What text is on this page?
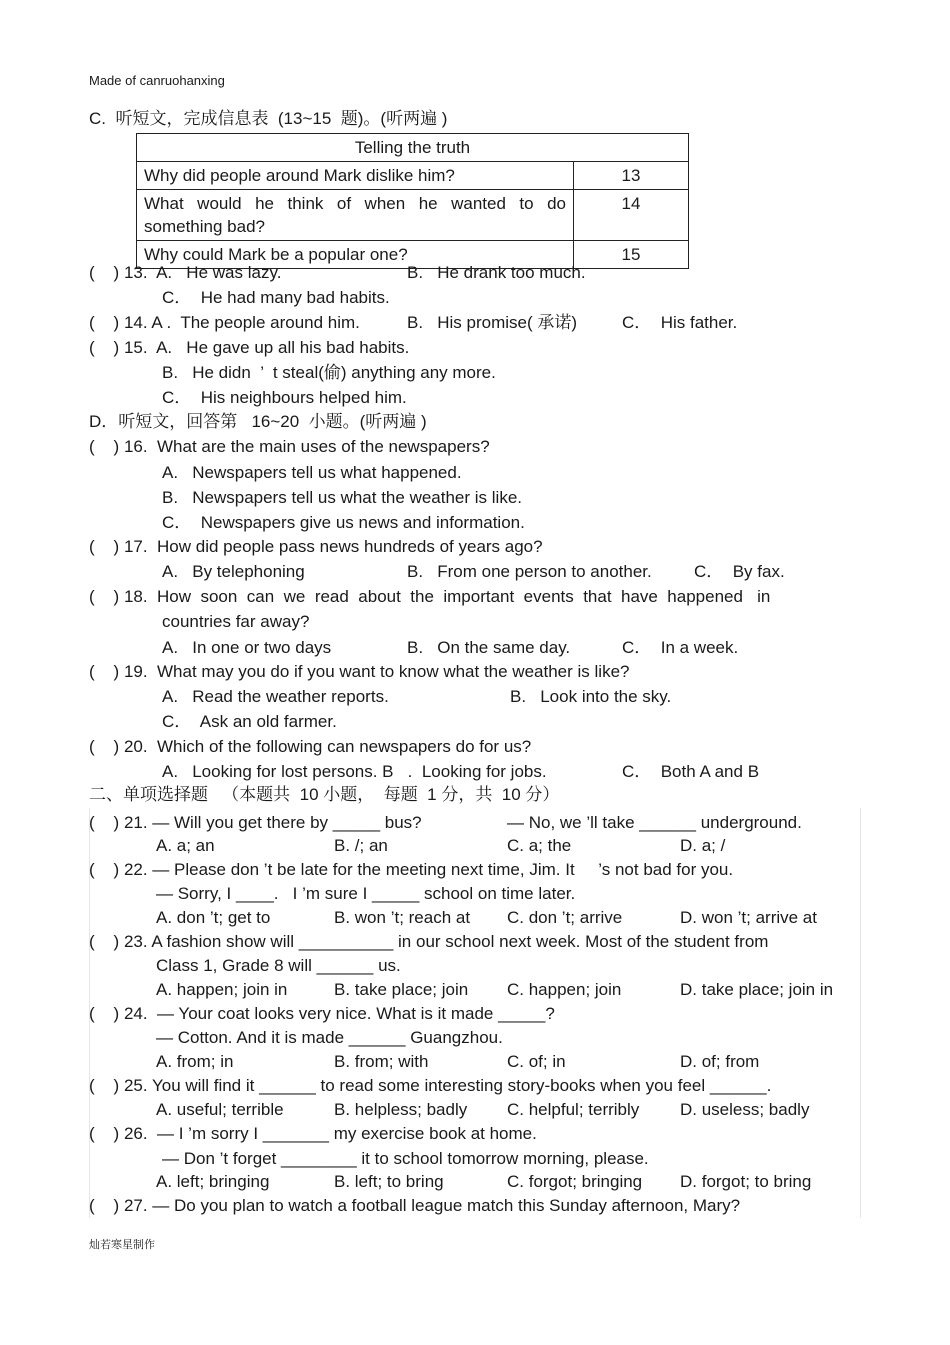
Made of canruohanxing
C.  听短文，完成信息表  (13~15  题)。(听两遍 )
Telling the truth	
Why did people around Mark dislike him?	13
What would he think of when he wanted to do something bad?	14
Why could Mark be a popular one?	15
(    ) 13.  A.   He was lazy.	B.   He drank too much.
C．  He had many bad habits.
(    ) 14. A .  The people around him.	B.   His promise( 承诺)	C．  His father.
(    ) 15.  A.   He gave up all his bad habits.
B.   He didn  ’  t steal(偷) anything any more.
C．  His neighbours helped him.
D．听短文，回答第   16~20  小题。(听两遍 )
(    ) 16.  What are the main uses of the newspapers?
A.   Newspapers tell us what happened.
B.   Newspapers tell us what the weather is like.
C．  Newspapers give us news and information.
(    ) 17.  How did people pass news hundreds of years ago?
A.   By telephoning	B.   From one person to another. C．  By fax.
(    ) 18.  How  soon  can  we  read  about  the  important  events  that  have  happened   in
countries far away?
A.   In one or two days	B.   On the same day.	C．  In a week.
(    ) 19.  What may you do if you want to know what the weather is like?
A.   Read the weather reports.	B.   Look into the sky.
C．  Ask an old farmer.
(    ) 20.  Which of the following can newspapers do for us?
A.   Looking for lost persons. B   .  Looking for jobs.	C．  Both A and B
二、单项选择题   （本题共  10 小题，  每题  1 分，共  10 分）
(    ) 21. — Will you get there by _____ bus?	— No, we ’ll take ______ underground.
A. a; an	B. /; an	C. a; the	D. a; /
(    ) 22. — Please don ’t be late for the meeting next time, Jim. It     ’s not bad for you.
— Sorry, I ____.   I ’m sure I _____ school on time later.
A. don ’t; get to	B. won ’t; reach at C. don ’t; arrive	D. won ’t; arrive at
(    ) 23. A fashion show will __________ in our school next week. Most of the student from
Class 1, Grade 8 will ______ us.
A. happen; join in	B. take place; join C. happen; join	D. take place; join in
(    ) 24.  — Your coat looks very nice. What is it made _____?
— Cotton. And it is made ______ Guangzhou.
A. from; in	B. from; with	C. of; in	D. of; from
(    ) 25. You will find it ______ to read some interesting story-books when you feel ______.
A. useful; terrible	B. helpless; badly C. helpful; terribly D. useless; badly
(    ) 26.  — I ’m sorry I _______ my exercise book at home.
— Don ’t forget ________ it to school tomorrow morning, please.
A. left; bringing	B. left; to bring	C. forgot; bringing D. forgot; to bring
(    ) 27. — Do you plan to watch a football league match this Sunday afternoon, Mary?
灿若寒星制作
